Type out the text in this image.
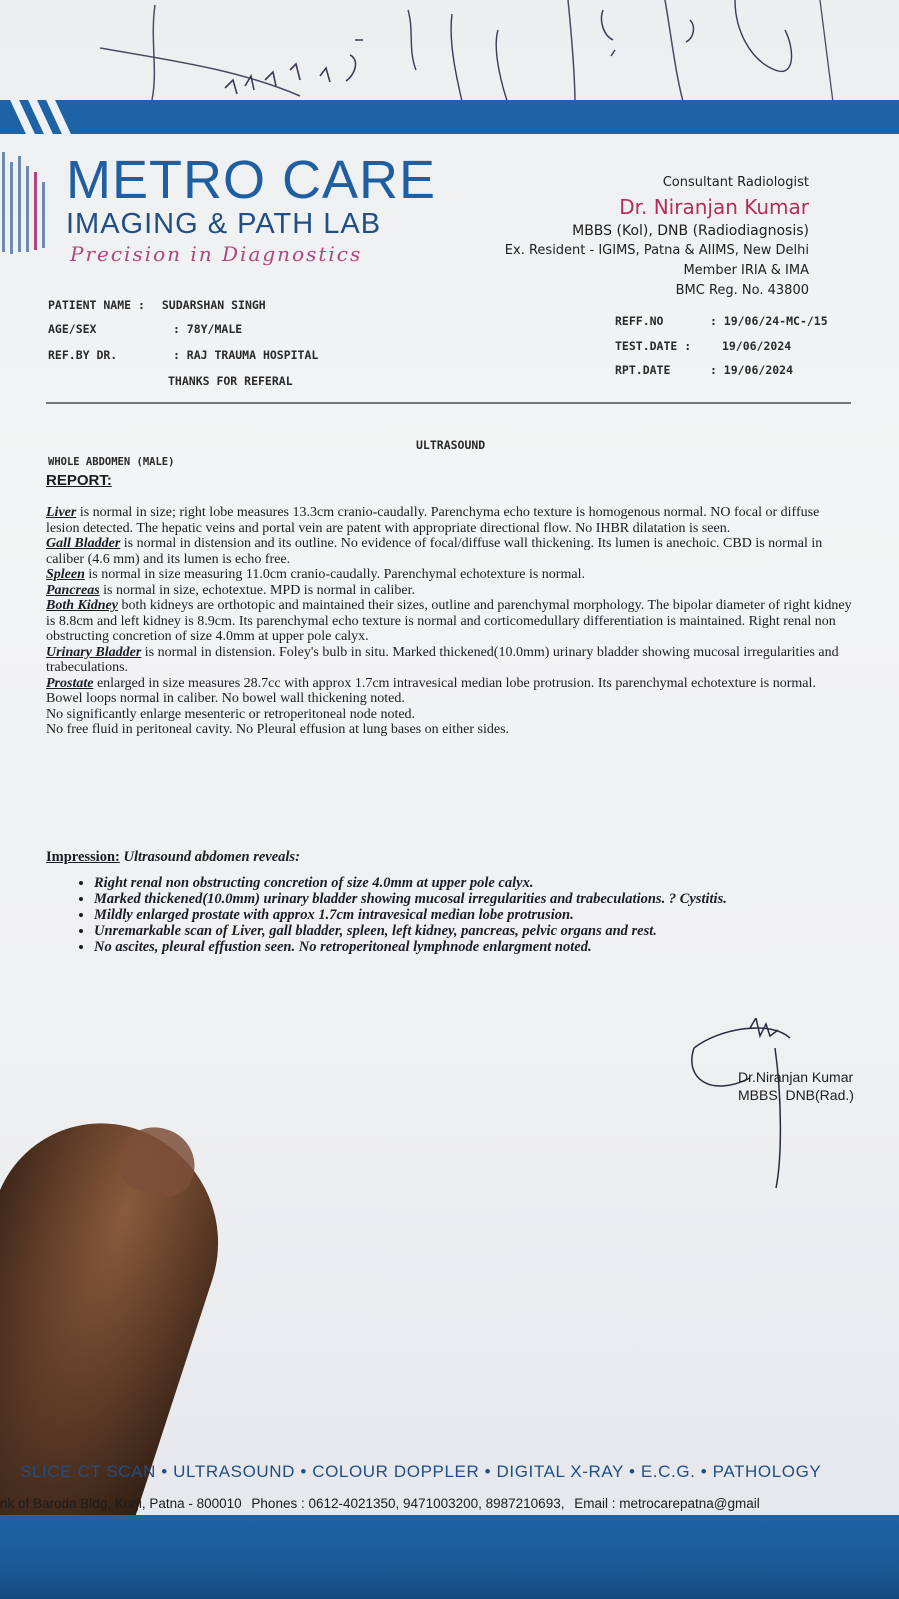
METRO CARE
IMAGING & PATH LAB
Precision in Diagnostics
Consultant Radiologist
Dr. Niranjan Kumar
MBBS (Kol), DNB (Radiodiagnosis)
Ex. Resident - IGIMS, Patna & AIIMS, New Delhi
Member IRIA & IMA
BMC Reg. No. 43800
PATIENT NAME : SUDARSHAN SINGH
AGE/SEX	: 78Y/MALE
REF.BY DR.	: RAJ TRAUMA HOSPITAL
THANKS FOR REFERAL
REFF.NO	: 19/06/24-MC-/15
TEST.DATE :	19/06/2024
RPT.DATE	: 19/06/2024
ULTRASOUND
WHOLE ABDOMEN (MALE)
REPORT:

Liver is normal in size; right lobe measures 13.3cm cranio-caudally. Parenchyma echo texture is homogenous normal. NO focal or diffuse lesion detected. The hepatic veins and portal vein are patent with appropriate directional flow. No IHBR dilatation is seen.

Gall Bladder is normal in distension and its outline. No evidence of focal/diffuse wall thickening. Its lumen is anechoic. CBD is normal in caliber (4.6 mm) and its lumen is echo free.

Spleen is normal in size measuring 11.0cm cranio-caudally. Parenchymal echotexture is normal.

Pancreas is normal in size, echotextue. MPD is normal in caliber.

Both Kidney both kidneys are orthotopic and maintained their sizes, outline and parenchymal morphology. The bipolar diameter of right kidney is 8.8cm and left kidney is 8.9cm. Its parenchymal echo texture is normal and corticomedullary differentiation is maintained. Right renal non obstructing concretion of size 4.0mm at upper pole calyx.

Urinary Bladder is normal in distension. Foley's bulb in situ. Marked thickened(10.0mm) urinary bladder showing mucosal irregularities and trabeculations.

Prostate enlarged in size measures 28.7cc with approx 1.7cm intravesical median lobe protrusion. Its parenchymal echotexture is normal.

Bowel loops normal in caliber. No bowel wall thickening noted.

No significantly enlarge mesenteric or retroperitoneal node noted.

No free fluid in peritoneal cavity. No Pleural effusion at lung bases on either sides.

Impression: Ultrasound abdomen reveals:
• Right renal non obstructing concretion of size 4.0mm at upper pole calyx.
• Marked thickened(10.0mm) urinary bladder showing mucosal irregularities and trabeculations. ? Cystitis.
• Mildly enlarged prostate with approx 1.7cm intravesical median lobe protrusion.
• Unremarkable scan of Liver, gall bladder, spleen, left kidney, pancreas, pelvic organs and rest.
• No ascites, pleural effustion seen. No retroperitoneal lymphnode enlargment noted.
Dr.Niranjan Kumar
MBBS, DNB(Rad.)
SLICE CT SCAN • ULTRASOUND • COLOUR DOPPLER • DIGITAL X-RAY • E.C.G. • PATHOLOGY
nk of Baroda Bldg, Kurji, Patna - 800010 Phones : 0612-4021350, 9471003200, 8987210693, Email : metrocarepatna@gmail
